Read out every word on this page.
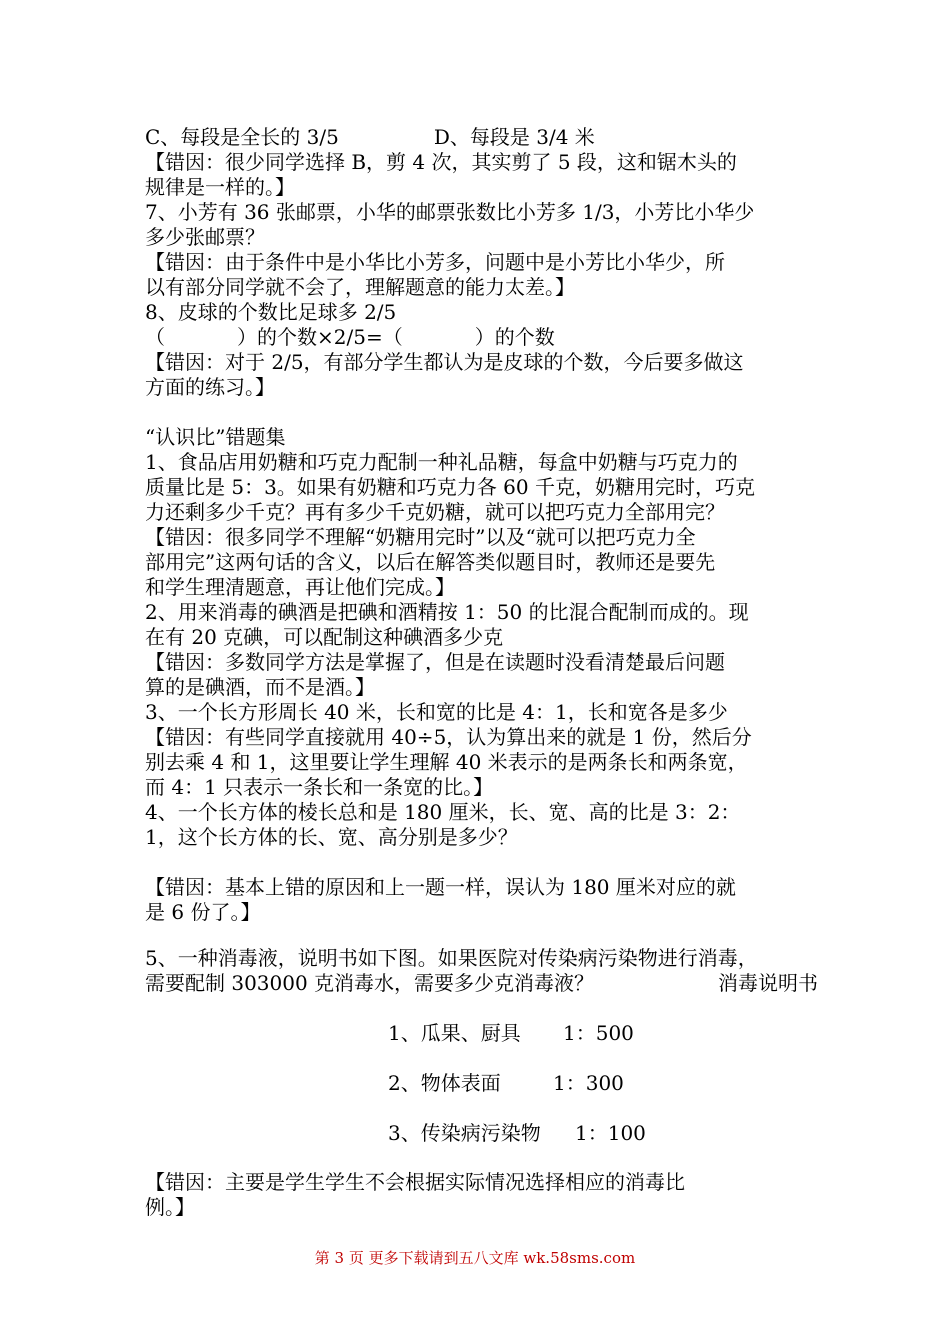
C、每段是全长的 3/5	D、每段是 3/4 米
【错因：很少同学选择 B，剪 4 次，其实剪了 5 段，这和锯木头的
规律是一样的。】
7、小芳有 36 张邮票，小华的邮票张数比小芳多 1/3，小芳比小华少
多少张邮票？
【错因：由于条件中是小华比小芳多，问题中是小芳比小华少，所
以有部分同学就不会了，理解题意的能力太差。】
8、皮球的个数比足球多 2/5
（	）的个数×2/5=（	）的个数
【错因：对于 2/5，有部分学生都认为是皮球的个数，今后要多做这
方面的练习。】
“认识比”错题集
1、食品店用奶糖和巧克力配制一种礼品糖，每盒中奶糖与巧克力的
质量比是 5：3。如果有奶糖和巧克力各 60 千克，奶糖用完时，巧克
力还剩多少千克？再有多少千克奶糖，就可以把巧克力全部用完？
【错因：很多同学不理解“奶糖用完时”以及“就可以把巧克力全
部用完”这两句话的含义，以后在解答类似题目时，教师还是要先
和学生理清题意，再让他们完成。】
2、用来消毒的碘酒是把碘和酒精按 1：50 的比混合配制而成的。现
在有 20 克碘，可以配制这种碘酒多少克
【错因：多数同学方法是掌握了，但是在读题时没看清楚最后问题
算的是碘酒，而不是酒。】
3、一个长方形周长 40 米，长和宽的比是 4：1，长和宽各是多少
【错因：有些同学直接就用 40÷5，认为算出来的就是 1 份，然后分
别去乘 4 和 1，这里要让学生理解 40 米表示的是两条长和两条宽，
而 4：1 只表示一条长和一条宽的比。】
4、一个长方体的棱长总和是 180 厘米，长、宽、高的比是 3：2：
1，这个长方体的长、宽、高分别是多少？
【错因：基本上错的原因和上一题一样，误认为 180 厘米对应的就
是 6 份了。】
5、一种消毒液，说明书如下图。如果医院对传染病污染物进行消毒，
需要配制 303000 克消毒水，需要多少克消毒液？	消毒说明书
1、瓜果、厨具 1：500
2、物体表面	1：300
3、传染病污染物 1：100
【错因：主要是学生学生不会根据实际情况选择相应的消毒比
例。】
第 3 页 更多下载请到五八文库 wk.58sms.com
